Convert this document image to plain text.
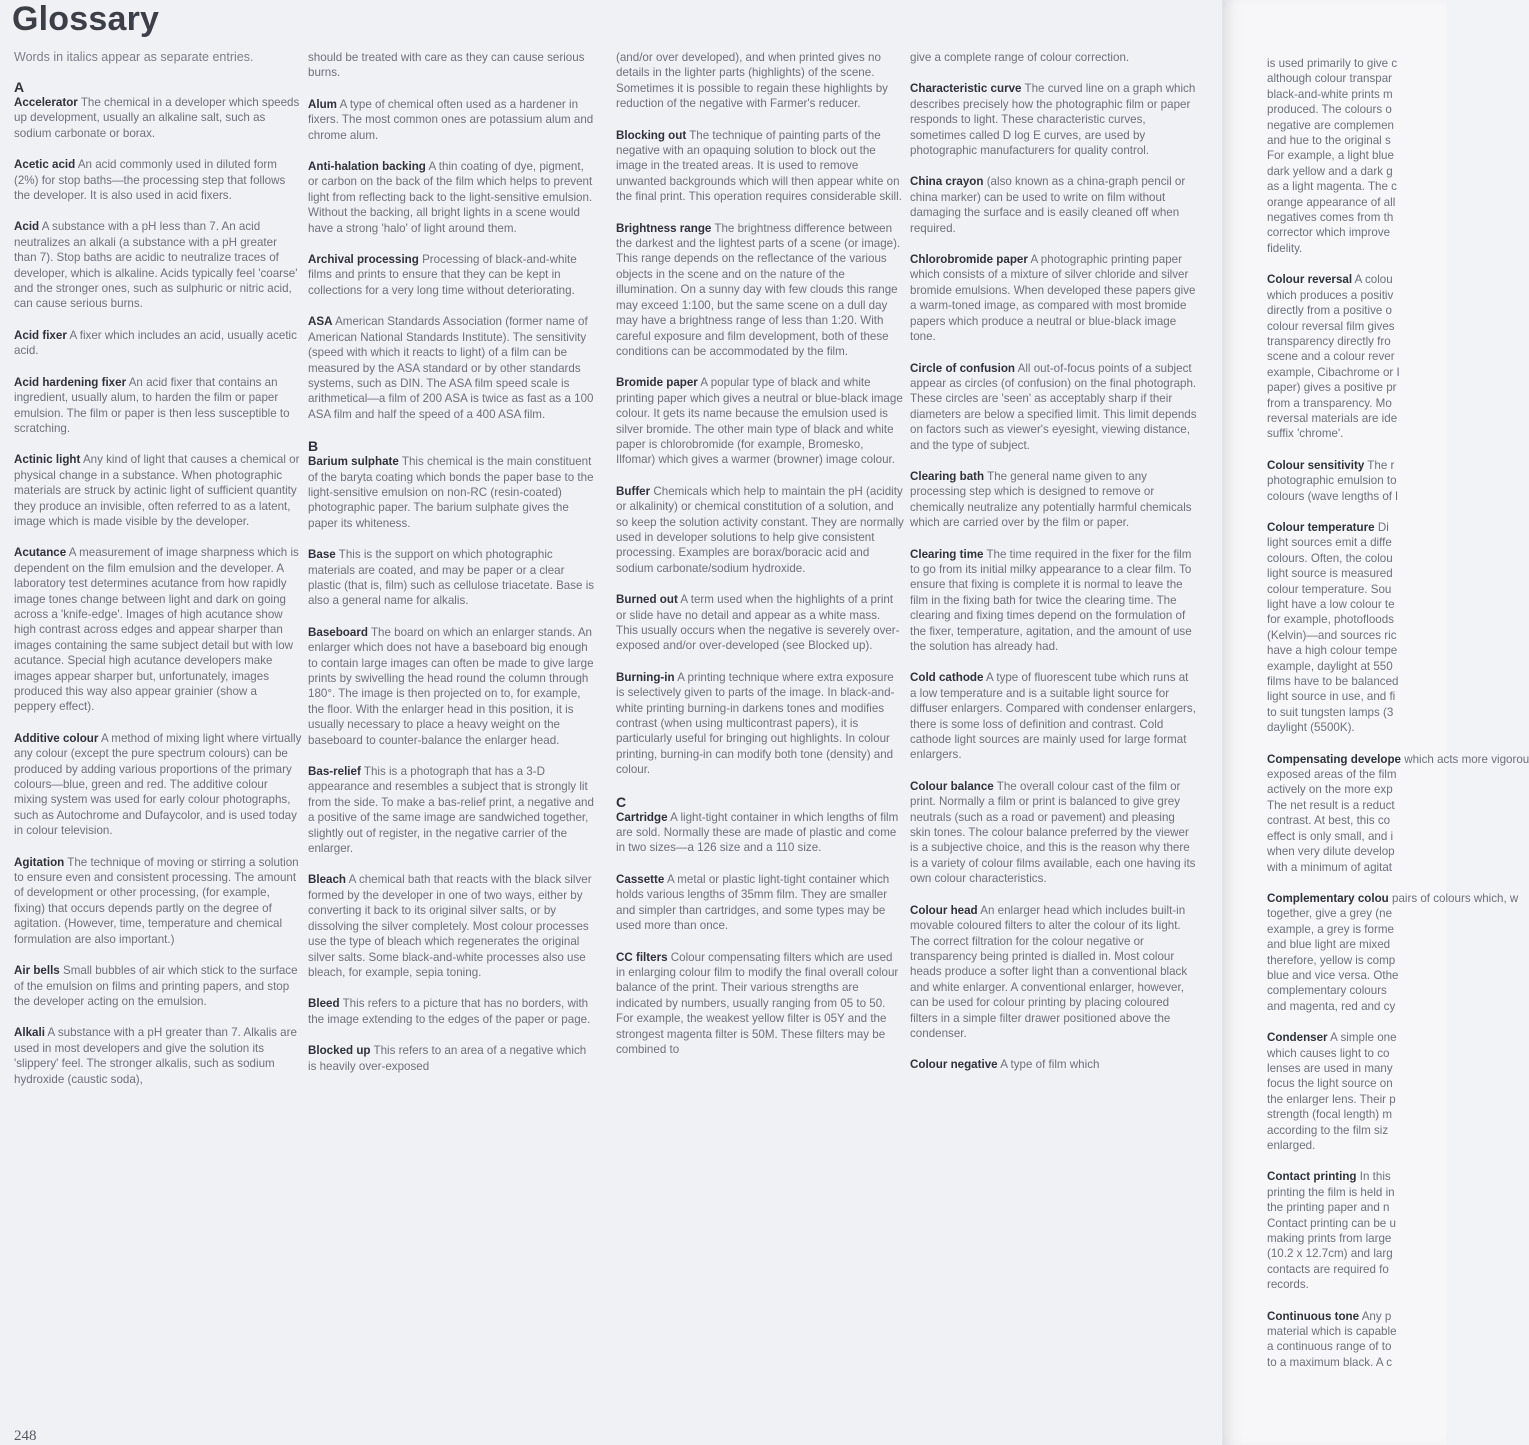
Glossary

Words in italics appear as separate entries.

A

Accelerator The chemical in a developer which speeds up development, usually an alkaline salt, such as sodium carbonate or borax.

Acetic acid An acid commonly used in diluted form (2%) for stop baths—the processing step that follows the developer. It is also used in acid fixers.

Acid A substance with a pH less than 7. An acid neutralizes an alkali (a substance with a pH greater than 7). Stop baths are acidic to neutralize traces of developer, which is alkaline. Acids typically feel 'coarse' and the stronger ones, such as sulphuric or nitric acid, can cause serious burns.

Acid fixer A fixer which includes an acid, usually acetic acid.

Acid hardening fixer An acid fixer that contains an ingredient, usually alum, to harden the film or paper emulsion. The film or paper is then less susceptible to scratching.

Actinic light Any kind of light that causes a chemical or physical change in a substance. When photographic materials are struck by actinic light of sufficient quantity they produce an invisible, often referred to as a latent, image which is made visible by the developer.

Acutance A measurement of image sharpness which is dependent on the film emulsion and the developer. A laboratory test determines acutance from how rapidly image tones change between light and dark on going across a 'knife-edge'. Images of high acutance show high contrast across edges and appear sharper than images containing the same subject detail but with low acutance. Special high acutance developers make images appear sharper but, unfortunately, images produced this way also appear grainier (show a peppery effect).

Additive colour A method of mixing light where virtually any colour (except the pure spectrum colours) can be produced by adding various proportions of the primary colours—blue, green and red. The additive colour mixing system was used for early colour photographs, such as Autochrome and Dufaycolor, and is used today in colour television.

Agitation The technique of moving or stirring a solution to ensure even and consistent processing. The amount of development or other processing, (for example, fixing) that occurs depends partly on the degree of agitation. (However, time, temperature and chemical formulation are also important.)

Air bells Small bubbles of air which stick to the surface of the emulsion on films and printing papers, and stop the developer acting on the emulsion.

Alkali A substance with a pH greater than 7. Alkalis are used in most developers and give the solution its 'slippery' feel. The stronger alkalis, such as sodium hydroxide (caustic soda),

should be treated with care as they can cause serious burns.

Alum A type of chemical often used as a hardener in fixers. The most common ones are potassium alum and chrome alum.

Anti-halation backing A thin coating of dye, pigment, or carbon on the back of the film which helps to prevent light from reflecting back to the light-sensitive emulsion. Without the backing, all bright lights in a scene would have a strong 'halo' of light around them.

Archival processing Processing of black-and-white films and prints to ensure that they can be kept in collections for a very long time without deteriorating.

ASA American Standards Association (former name of American National Standards Institute). The sensitivity (speed with which it reacts to light) of a film can be measured by the ASA standard or by other standards systems, such as DIN. The ASA film speed scale is arithmetical—a film of 200 ASA is twice as fast as a 100 ASA film and half the speed of a 400 ASA film.

B

Barium sulphate This chemical is the main constituent of the baryta coating which bonds the paper base to the light-sensitive emulsion on non-RC (resin-coated) photographic paper. The barium sulphate gives the paper its whiteness.

Base This is the support on which photographic materials are coated, and may be paper or a clear plastic (that is, film) such as cellulose triacetate. Base is also a general name for alkalis.

Baseboard The board on which an enlarger stands. An enlarger which does not have a baseboard big enough to contain large images can often be made to give large prints by swivelling the head round the column through 180°. The image is then projected on to, for example, the floor. With the enlarger head in this position, it is usually necessary to place a heavy weight on the baseboard to counter-balance the enlarger head.

Bas-relief This is a photograph that has a 3-D appearance and resembles a subject that is strongly lit from the side. To make a bas-relief print, a negative and a positive of the same image are sandwiched together, slightly out of register, in the negative carrier of the enlarger.

Bleach A chemical bath that reacts with the black silver formed by the developer in one of two ways, either by converting it back to its original silver salts, or by dissolving the silver completely. Most colour processes use the type of bleach which regenerates the original silver salts. Some black-and-white processes also use bleach, for example, sepia toning.

Bleed This refers to a picture that has no borders, with the image extending to the edges of the paper or page.

Blocked up This refers to an area of a negative which is heavily over-exposed

(and/or over developed), and when printed gives no details in the lighter parts (highlights) of the scene. Sometimes it is possible to regain these highlights by reduction of the negative with Farmer's reducer.

Blocking out The technique of painting parts of the negative with an opaquing solution to block out the image in the treated areas. It is used to remove unwanted backgrounds which will then appear white on the final print. This operation requires considerable skill.

Brightness range The brightness difference between the darkest and the lightest parts of a scene (or image). This range depends on the reflectance of the various objects in the scene and on the nature of the illumination. On a sunny day with few clouds this range may exceed 1:100, but the same scene on a dull day may have a brightness range of less than 1:20. With careful exposure and film development, both of these conditions can be accommodated by the film.

Bromide paper A popular type of black and white printing paper which gives a neutral or blue-black image colour. It gets its name because the emulsion used is silver bromide. The other main type of black and white paper is chlorobromide (for example, Bromesko, Ilfomar) which gives a warmer (browner) image colour.

Buffer Chemicals which help to maintain the pH (acidity or alkalinity) or chemical constitution of a solution, and so keep the solution activity constant. They are normally used in developer solutions to help give consistent processing. Examples are borax/boracic acid and sodium carbonate/sodium hydroxide.

Burned out A term used when the highlights of a print or slide have no detail and appear as a white mass. This usually occurs when the negative is severely over-exposed and/or over-developed (see Blocked up).

Burning-in A printing technique where extra exposure is selectively given to parts of the image. In black-and-white printing burning-in darkens tones and modifies contrast (when using multicontrast papers), it is particularly useful for bringing out highlights. In colour printing, burning-in can modify both tone (density) and colour.

C

Cartridge A light-tight container in which lengths of film are sold. Normally these are made of plastic and come in two sizes—a 126 size and a 110 size.

Cassette A metal or plastic light-tight container which holds various lengths of 35mm film. They are smaller and simpler than cartridges, and some types may be used more than once.

CC filters Colour compensating filters which are used in enlarging colour film to modify the final overall colour balance of the print. Their various strengths are indicated by numbers, usually ranging from 05 to 50. For example, the weakest yellow filter is 05Y and the strongest magenta filter is 50M. These filters may be combined to

give a complete range of colour correction.

Characteristic curve The curved line on a graph which describes precisely how the photographic film or paper responds to light. These characteristic curves, sometimes called D log E curves, are used by photographic manufacturers for quality control.

China crayon (also known as a china-graph pencil or china marker) can be used to write on film without damaging the surface and is easily cleaned off when required.

Chlorobromide paper A photographic printing paper which consists of a mixture of silver chloride and silver bromide emulsions. When developed these papers give a warm-toned image, as compared with most bromide papers which produce a neutral or blue-black image tone.

Circle of confusion All out-of-focus points of a subject appear as circles (of confusion) on the final photograph. These circles are 'seen' as acceptably sharp if their diameters are below a specified limit. This limit depends on factors such as viewer's eyesight, viewing distance, and the type of subject.

Clearing bath The general name given to any processing step which is designed to remove or chemically neutralize any potentially harmful chemicals which are carried over by the film or paper.

Clearing time The time required in the fixer for the film to go from its initial milky appearance to a clear film. To ensure that fixing is complete it is normal to leave the film in the fixing bath for twice the clearing time. The clearing and fixing times depend on the formulation of the fixer, temperature, agitation, and the amount of use the solution has already had.

Cold cathode A type of fluorescent tube which runs at a low temperature and is a suitable light source for diffuser enlargers. Compared with condenser enlargers, there is some loss of definition and contrast. Cold cathode light sources are mainly used for large format enlargers.

Colour balance The overall colour cast of the film or print. Normally a film or print is balanced to give grey neutrals (such as a road or pavement) and pleasing skin tones. The colour balance preferred by the viewer is a subjective choice, and this is the reason why there is a variety of colour films available, each one having its own colour characteristics.

Colour head An enlarger head which includes built-in movable coloured filters to alter the colour of its light. The correct filtration for the colour negative or transparency being printed is dialled in. Most colour heads produce a softer light than a conventional black and white enlarger. A conventional enlarger, however, can be used for colour printing by placing coloured filters in a simple filter drawer positioned above the condenser.

Colour negative A type of film which

248
is used primarily to give c
although colour transpar
black-and-white prints m
produced. The colours o
negative are complemen
and hue to the original s
For example, a light blue
dark yellow and a dark g
as a light magenta. The c
orange appearance of all
negatives comes from th
corrector which improve
fidelity.
Colour reversal A colou
which produces a positiv
directly from a positive o
colour reversal film gives
transparency directly fro
scene and a colour rever
example, Cibachrome or I
paper) gives a positive pr
from a transparency. Mo
reversal materials are ide
suffix 'chrome'.
Colour sensitivity The r
photographic emulsion to
colours (wave lengths of l
Colour temperature Di
light sources emit a diffe
colours. Often, the colou
light source is measured
colour temperature. Sou
light have a low colour te
for example, photofloods
(Kelvin)—and sources ric
have a high colour tempe
example, daylight at 550
films have to be balanced
light source in use, and fi
to suit tungsten lamps (3
daylight (5500K).
Compensating develope which acts more vigorou
exposed areas of the film
actively on the more exp
The net result is a reduct
contrast. At best, this co
effect is only small, and i
when very dilute develop
with a minimum of agitat
Complementary colou pairs of colours which, w
together, give a grey (ne
example, a grey is forme
and blue light are mixed
therefore, yellow is comp
blue and vice versa. Othe
complementary colours
and magenta, red and cy
Condenser A simple one
which causes light to co
lenses are used in many
focus the light source on
the enlarger lens. Their p
strength (focal length) m
according to the film siz
enlarged.
Contact printing In this
printing the film is held in
the printing paper and n
Contact printing can be u
making prints from large
(10.2 x 12.7cm) and larg
contacts are required fo
records.
Continuous tone Any p
material which is capable
a continuous range of to
to a maximum black. A c
